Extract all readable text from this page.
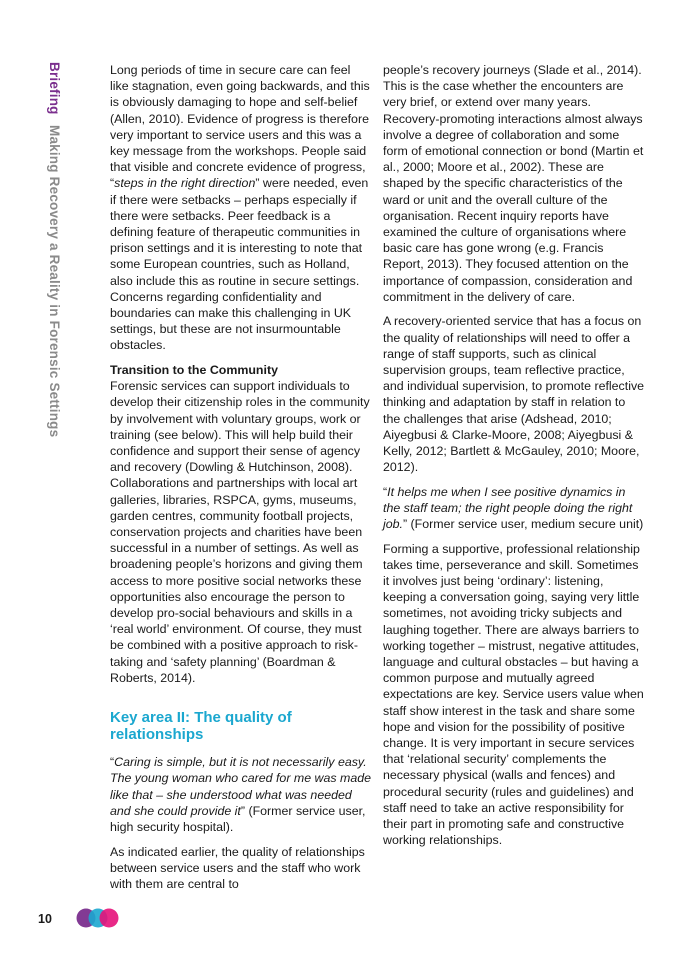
BriefingMaking Recovery a Reality in Forensic Settings

Long periods of time in secure care can feel like stagnation, even going backwards, and this is obviously damaging to hope and self-belief (Allen, 2010). Evidence of progress is therefore very important to service users and this was a key message from the workshops. People said that visible and concrete evidence of progress, “steps in the right direction” were needed, even if there were setbacks – perhaps especially if there were setbacks. Peer feedback is a defining feature of therapeutic communities in prison settings and it is interesting to note that some European countries, such as Holland, also include this as routine in secure settings. Concerns regarding confidentiality and boundaries can make this challenging in UK settings, but these are not insurmountable obstacles.

Transition to the Community

Forensic services can support individuals to develop their citizenship roles in the community by involvement with voluntary groups, work or training (see below). This will help build their confidence and support their sense of agency and recovery (Dowling & Hutchinson, 2008). Collaborations and partnerships with local art galleries, libraries, RSPCA, gyms, museums, garden centres, community football projects, conservation projects and charities have been successful in a number of settings. As well as broadening people’s horizons and giving them access to more positive social networks these opportunities also encourage the person to develop pro-social behaviours and skills in a ‘real world’ environment. Of course, they must be combined with a positive approach to risk-taking and ‘safety planning’ (Boardman & Roberts, 2014).

Key area II: The quality of relationships

“Caring is simple, but it is not necessarily easy. The young woman who cared for me was made like that – she understood what was needed and she could provide it” (Former service user, high security hospital).

As indicated earlier, the quality of relationships between service users and the staff who work with them are central to

people’s recovery journeys (Slade et al., 2014). This is the case whether the encounters are very brief, or extend over many years. Recovery-promoting interactions almost always involve a degree of collaboration and some form of emotional connection or bond (Martin et al., 2000; Moore et al., 2002). These are shaped by the specific characteristics of the ward or unit and the overall culture of the organisation. Recent inquiry reports have examined the culture of organisations where basic care has gone wrong (e.g. Francis Report, 2013). They focused attention on the importance of compassion, consideration and commitment in the delivery of care.

A recovery-oriented service that has a focus on the quality of relationships will need to offer a range of staff supports, such as clinical supervision groups, team reflective practice, and individual supervision, to promote reflective thinking and adaptation by staff in relation to the challenges that arise (Adshead, 2010; Aiyegbusi & Clarke-Moore, 2008; Aiyegbusi & Kelly, 2012; Bartlett & McGauley, 2010; Moore, 2012).

“It helps me when I see positive dynamics in the staff team; the right people doing the right job.” (Former service user, medium secure unit)

Forming a supportive, professional relationship takes time, perseverance and skill. Sometimes it involves just being ‘ordinary’: listening, keeping a conversation going, saying very little sometimes, not avoiding tricky subjects and laughing together. There are always barriers to working together – mistrust, negative attitudes, language and cultural obstacles – but having a common purpose and mutually agreed expectations are key. Service users value when staff show interest in the task and share some hope and vision for the possibility of positive change. It is very important in secure services that ‘relational security’ complements the necessary physical (walls and fences) and procedural security (rules and guidelines) and staff need to take an active responsibility for their part in promoting safe and constructive working relationships.

10
